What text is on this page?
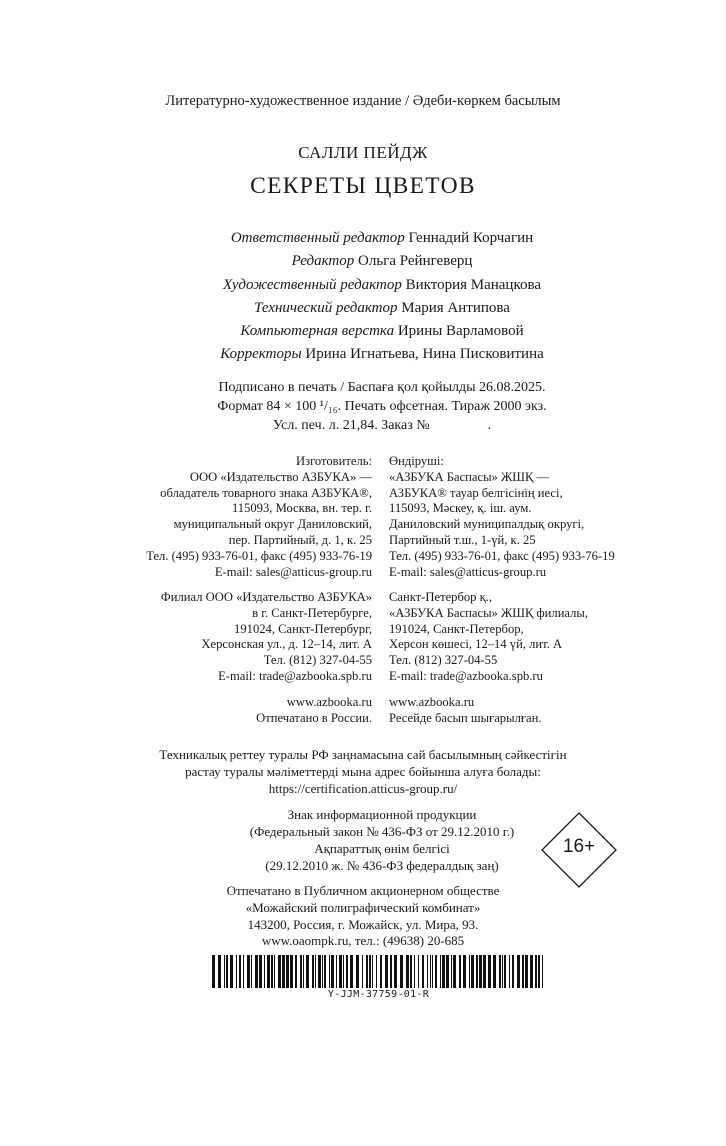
Литературно-художественное издание / Әдеби-көркем басылым
САЛЛИ ПЕЙДЖ
СЕКРЕТЫ ЦВЕТОВ
Ответственный редактор Геннадий Корчагин
Редактор Ольга Рейнгеверц
Художественный редактор Виктория Манацкова
Технический редактор Мария Антипова
Компьютерная верстка Ирины Варламовой
Корректоры Ирина Игнатьева, Нина Писковитина
Подписано в печать / Баспаға қол қойылды 26.08.2025.
Формат 84 × 100 ¹/₁₆. Печать офсетная. Тираж 2000 экз.
Усл. печ. л. 21,84. Заказ №	.
Изготовитель:
ООО «Издательство АЗБУКА» —
обладатель товарного знака АЗБУКА®,
115093, Москва, вн. тер. г.
муниципальный округ Даниловский,
пер. Партийный, д. 1, к. 25
Тел. (495) 933-76-01, факс (495) 933-76-19
E-mail: sales@atticus-group.ru
Өндіруші:
«АЗБУКА Баспасы» ЖШҚ —
АЗБУКА® тауар белгісінің иесі,
115093, Мәскеу, қ. іш. аум.
Даниловский муниципалдық округі,
Партийный т.ш., 1-үй, к. 25
Тел. (495) 933-76-01, факс (495) 933-76-19
E-mail: sales@atticus-group.ru
Филиал ООО «Издательство АЗБУКА»
в г. Санкт-Петербурге,
191024, Санкт-Петербург,
Херсонская ул., д. 12–14, лит. А
Тел. (812) 327-04-55
E-mail: trade@azbooka.spb.ru
Санкт-Петербор қ.,
«АЗБУКА Баспасы» ЖШҚ филиалы,
191024, Санкт-Петербор,
Херсон көшесі, 12–14 үй, лит. А
Тел. (812) 327-04-55
E-mail: trade@azbooka.spb.ru
www.azbooka.ru
Отпечатано в России.
www.azbooka.ru
Ресейде басып шығарылған.
Техникалық реттеу туралы РФ заңнамасына сай басылымның сәйкестігін
растау туралы мәліметтерді мына адрес бойынша алуға болады:
https://certification.atticus-group.ru/
Знак информационной продукции
(Федеральный закон № 436-ФЗ от 29.12.2010 г.)
Ақпараттық өнім белгісі
(29.12.2010 ж. № 436-ФЗ федералдық заң)
16+
Отпечатано в Публичном акционерном обществе
«Можайский полиграфический комбинат»
143200, Россия, г. Можайск, ул. Мира, 93.
www.oaompk.ru, тел.: (49638) 20-685
Y-JJM-37759-01-R
